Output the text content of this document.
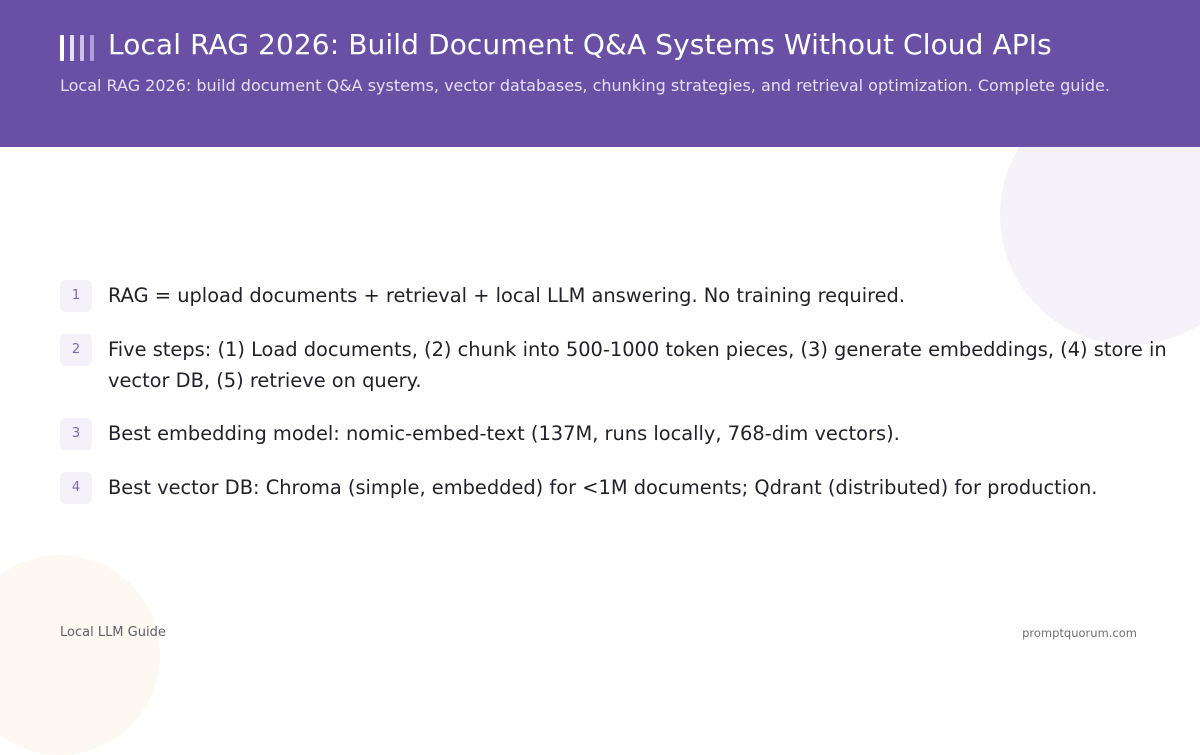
Local RAG 2026: Build Document Q&A Systems Without Cloud APIs

Local RAG 2026: build document Q&A systems, vector databases, chunking strategies, and retrieval optimization. Complete guide.

1	RAG = upload documents + retrieval + local LLM answering. No training required.
2	Five steps: (1) Load documents, (2) chunk into 500-1000 token pieces, (3) generate embeddings, (4) store in vector DB, (5) retrieve on query.
3	Best embedding model: nomic-embed-text (137M, runs locally, 768-dim vectors).
4	Best vector DB: Chroma (simple, embedded) for <1M documents; Qdrant (distributed) for production.
Local LLM Guide	promptquorum.com
